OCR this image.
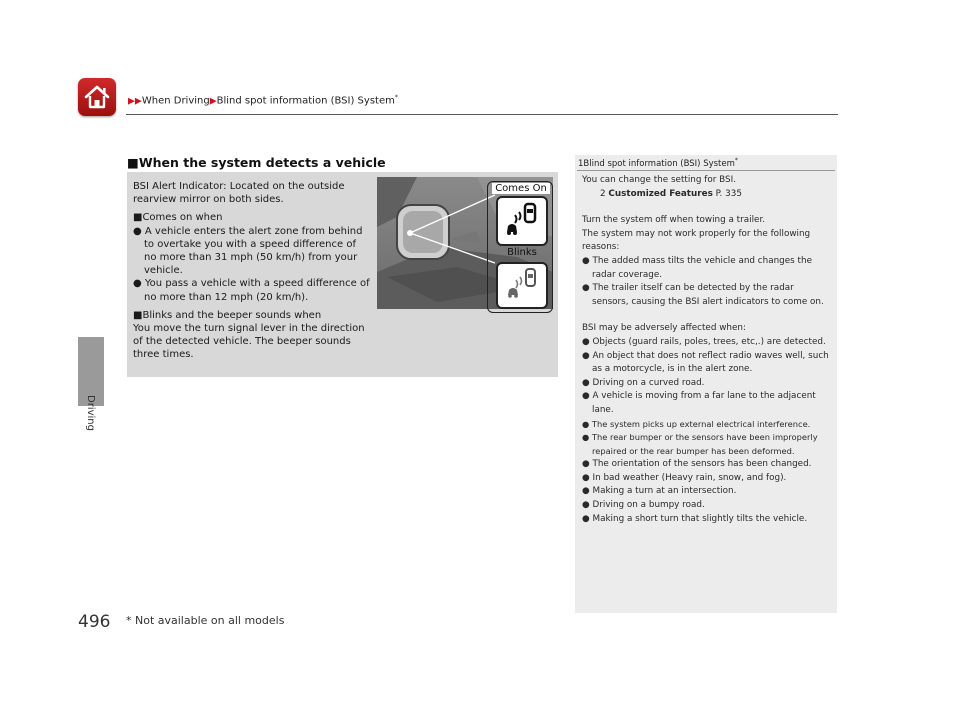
▶▶When Driving▶Blind spot information (BSI) System*
Driving
496 * Not available on all models
■When the system detects a vehicle

BSI Alert Indicator: Located on the outside rearview mirror on both sides.

■Comes on when

● A vehicle enters the alert zone from behind to overtake you with a speed difference of no more than 31 mph (50 km/h) from your vehicle.

● You pass a vehicle with a speed difference of no more than 12 mph (20 km/h).

■Blinks and the beeper sounds when

You move the turn signal lever in the direction of the detected vehicle. The beeper sounds three times.

Comes On
Blinks
1Blind spot information (BSI) System*

You can change the setting for BSI.

2 Customized Features P. 335

Turn the system off when towing a trailer.

The system may not work properly for the following reasons:

● The added mass tilts the vehicle and changes the radar coverage.

● The trailer itself can be detected by the radar sensors, causing the BSI alert indicators to come on.

BSI may be adversely affected when:

● Objects (guard rails, poles, trees, etc,.) are detected.

● An object that does not reflect radio waves well, such as a motorcycle, is in the alert zone.

● Driving on a curved road.

● A vehicle is moving from a far lane to the adjacent lane.

● The system picks up external electrical interference.

● The rear bumper or the sensors have been improperly repaired or the rear bumper has been deformed.

● The orientation of the sensors has been changed.

● In bad weather (Heavy rain, snow, and fog).

● Making a turn at an intersection.

● Driving on a bumpy road.

● Making a short turn that slightly tilts the vehicle.
